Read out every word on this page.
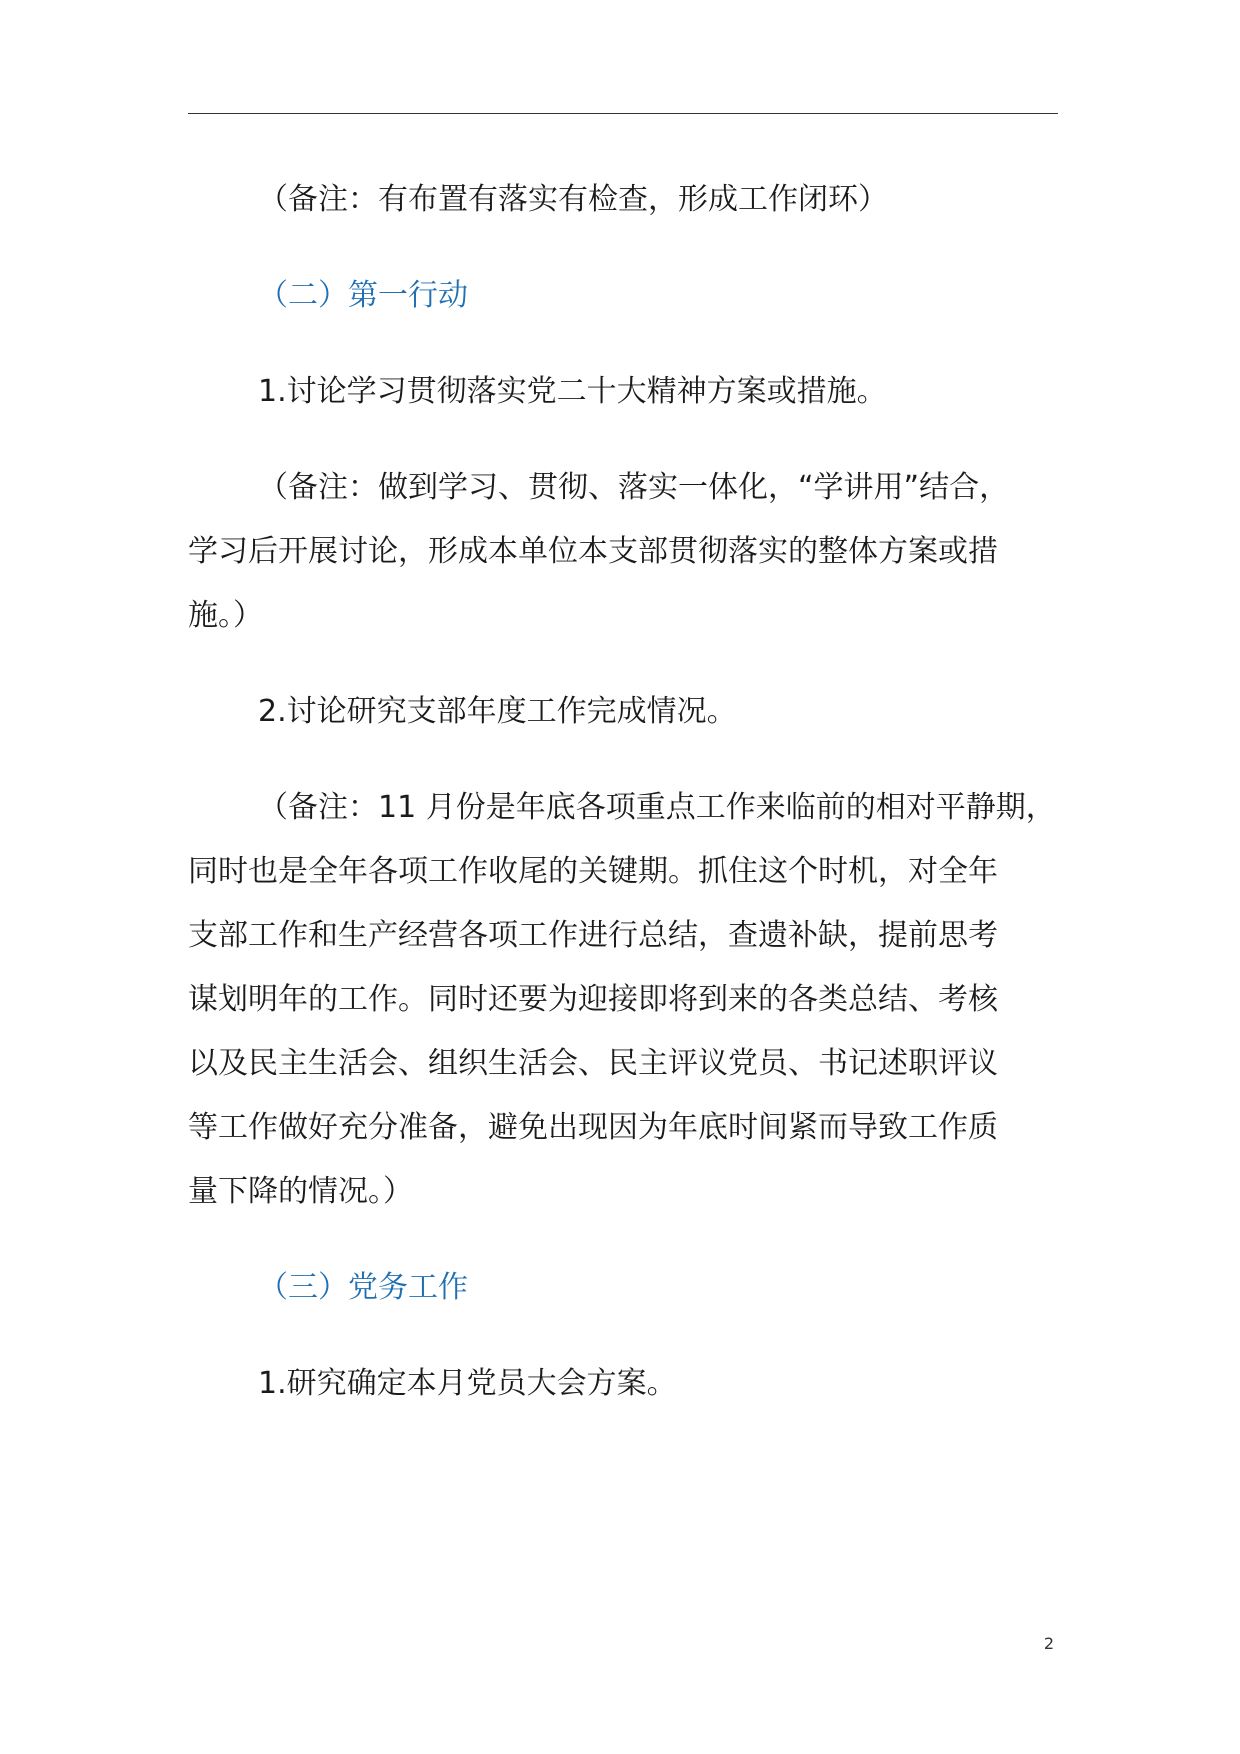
（备注：有布置有落实有检查，形成工作闭环）

（二）第一行动

1.讨论学习贯彻落实党二十大精神方案或措施。

（备注：做到学习、贯彻、落实一体化，“学讲用”结合，
学习后开展讨论，形成本单位本支部贯彻落实的整体方案或措
施。）

2.讨论研究支部年度工作完成情况。

（备注：11 月份是年底各项重点工作来临前的相对平静期，
同时也是全年各项工作收尾的关键期。抓住这个时机，对全年
支部工作和生产经营各项工作进行总结，查遗补缺，提前思考
谋划明年的工作。同时还要为迎接即将到来的各类总结、考核
以及民主生活会、组织生活会、民主评议党员、书记述职评议
等工作做好充分准备，避免出现因为年底时间紧而导致工作质
量下降的情况。）

（三）党务工作

1.研究确定本月党员大会方案。

2
